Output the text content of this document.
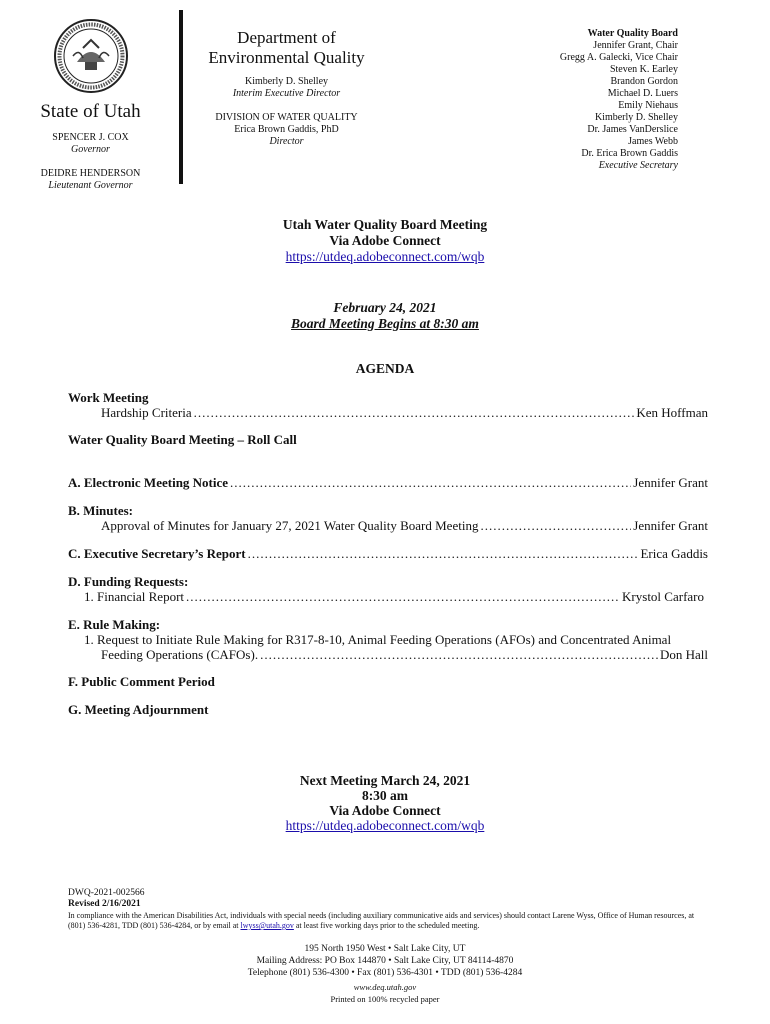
State of Utah
SPENCER J. COX
Governor
DEIDRE HENDERSON
Lieutenant Governor
Department of
Environmental Quality
Kimberly D. Shelley
Interim Executive Director
DIVISION OF WATER QUALITY
Erica Brown Gaddis, PhD
Director
Water Quality Board
Jennifer Grant, Chair
Gregg A. Galecki, Vice Chair
Steven K. Earley
Brandon Gordon
Michael D. Luers
Emily Niehaus
Kimberly D. Shelley
Dr. James VanDerslice
James Webb
Dr. Erica Brown Gaddis
Executive Secretary
Utah Water Quality Board Meeting
Via Adobe Connect
https://utdeq.adobeconnect.com/wqb
February 24, 2021
Board Meeting Begins at 8:30 am
AGENDA
Work Meeting
Hardship Criteria .....	Ken Hoffman
Water Quality Board Meeting – Roll Call
A. Electronic Meeting Notice .....	Jennifer Grant
B. Minutes:
Approval of Minutes for January 27, 2021 Water Quality Board Meeting .....	Jennifer Grant
C. Executive Secretary’s Report .....	Erica Gaddis
D. Funding Requests:
1. Financial Report .....	Krystol Carfaro
E. Rule Making:
1. Request to Initiate Rule Making for R317-8-10, Animal Feeding Operations (AFOs) and Concentrated Animal
Feeding Operations (CAFOs). .....	Don Hall
F. Public Comment Period
G. Meeting Adjournment
Next Meeting March 24, 2021
8:30 am
Via Adobe Connect
https://utdeq.adobeconnect.com/wqb
DWQ-2021-002566
Revised 2/16/2021
In compliance with the American Disabilities Act, individuals with special needs (including auxiliary communicative aids and services) should contact Larene Wyss, Office of Human resources, at
(801) 536-4281, TDD (801) 536-4284, or by email at lwyss@utah.gov at least five working days prior to the scheduled meeting.
195 North 1950 West • Salt Lake City, UT
Mailing Address: PO Box 144870 • Salt Lake City, UT 84114-4870
Telephone (801) 536-4300 • Fax (801) 536-4301 • TDD (801) 536-4284
www.deq.utah.gov
Printed on 100% recycled paper
